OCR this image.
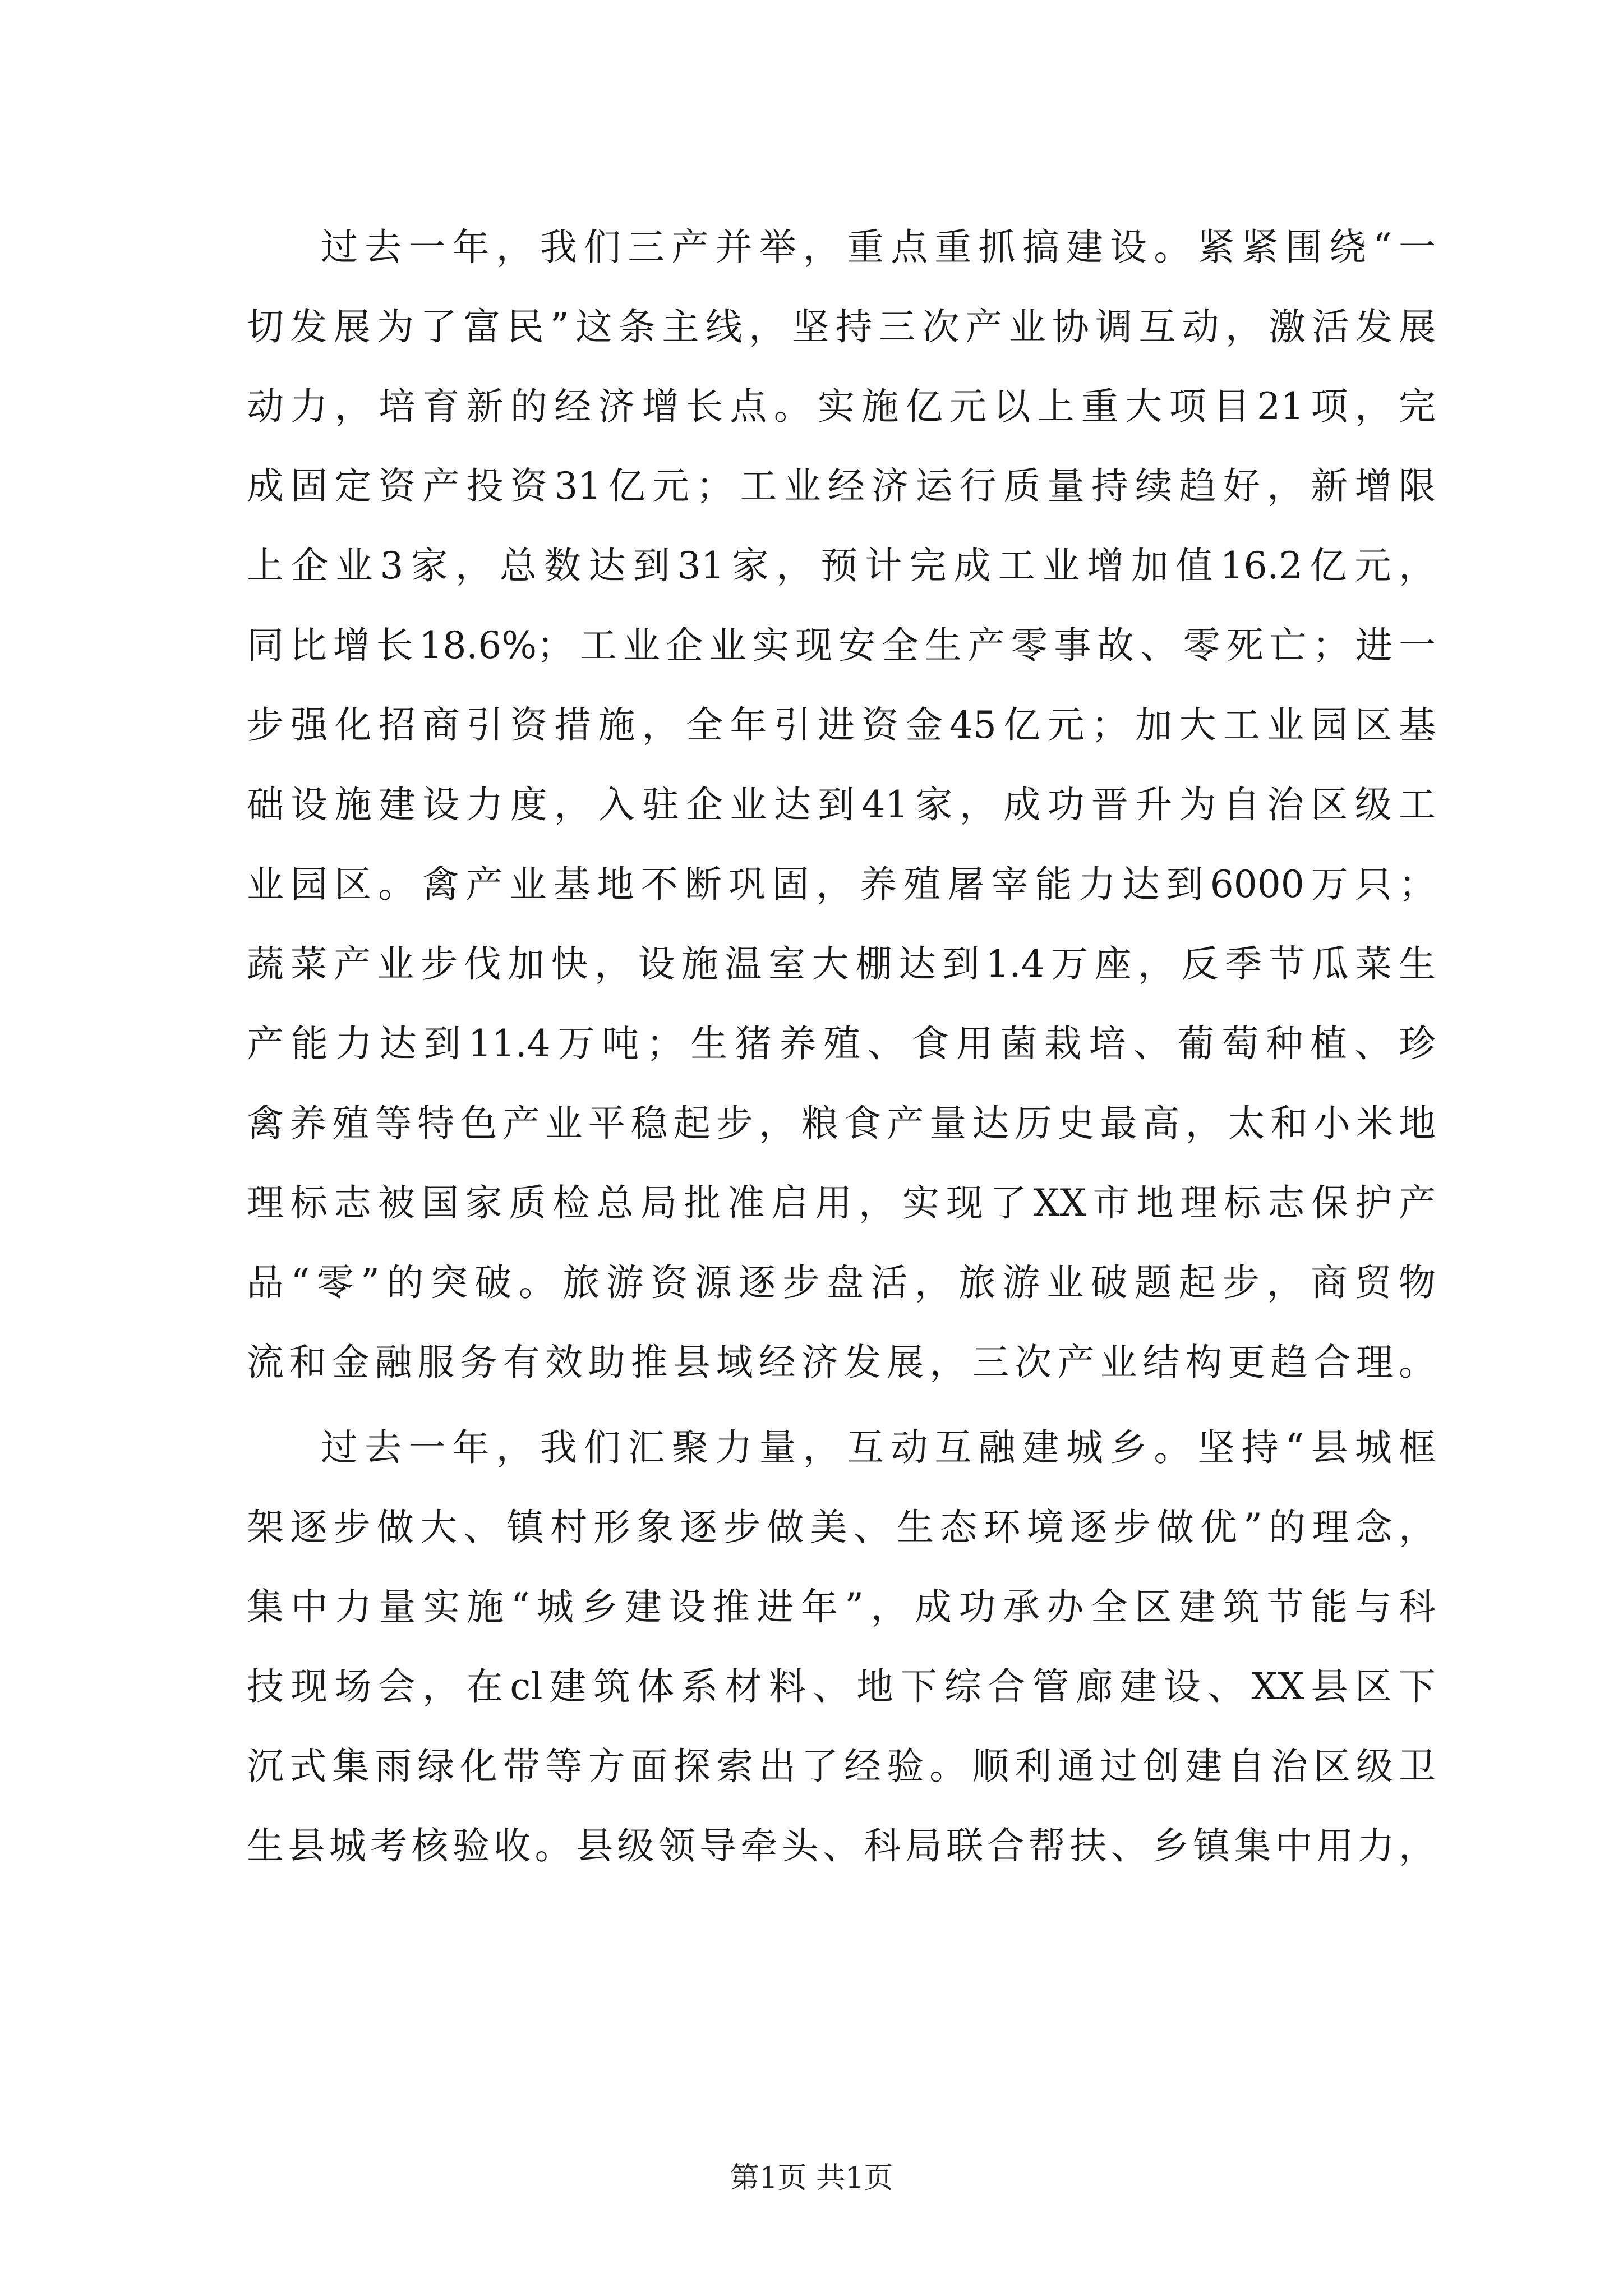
过去一年，我们三产并举，重点重抓搞建设。紧紧围绕“一
切发展为了富民”这条主线，坚持三次产业协调互动，激活发展
动力，培育新的经济增长点。实施亿元以上重大项目21项，完
成固定资产投资31亿元；工业经济运行质量持续趋好，新增限
上企业3家，总数达到31家，预计完成工业增加值16.2亿元，
同比增长18.6%；工业企业实现安全生产零事故、零死亡；进一
步强化招商引资措施，全年引进资金45亿元；加大工业园区基
础设施建设力度，入驻企业达到41家，成功晋升为自治区级工
业园区。禽产业基地不断巩固，养殖屠宰能力达到6000万只；
蔬菜产业步伐加快，设施温室大棚达到1.4万座，反季节瓜菜生
产能力达到11.4万吨；生猪养殖、食用菌栽培、葡萄种植、珍
禽养殖等特色产业平稳起步，粮食产量达历史最高，太和小米地
理标志被国家质检总局批准启用，实现了XX市地理标志保护产
品“零”的突破。旅游资源逐步盘活，旅游业破题起步，商贸物
流和金融服务有效助推县域经济发展，三次产业结构更趋合理。
过去一年，我们汇聚力量，互动互融建城乡。坚持“县城框
架逐步做大、镇村形象逐步做美、生态环境逐步做优”的理念，
集中力量实施“城乡建设推进年”，成功承办全区建筑节能与科
技现场会，在cl建筑体系材料、地下综合管廊建设、XX县区下
沉式集雨绿化带等方面探索出了经验。顺利通过创建自治区级卫
生县城考核验收。县级领导牵头、科局联合帮扶、乡镇集中用力，
第1页 共1页
